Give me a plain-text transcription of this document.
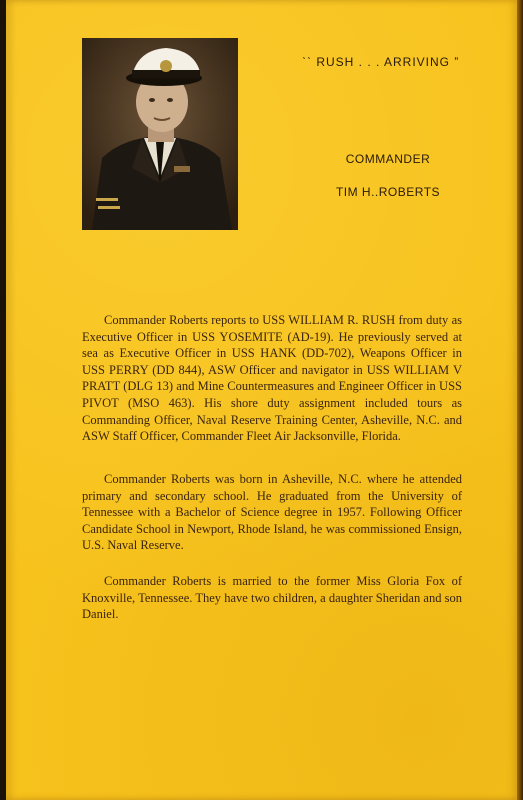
ˋˋ RUSH . . . ARRIVING ˮ
COMMANDER
TIM H..ROBERTS

Commander Roberts reports to USS WILLIAM R. RUSH from duty as Executive Officer in USS YOSEMITE (AD-19). He previously served at sea as Executive Officer in USS HANK (DD-702), Weapons Officer in USS PERRY (DD 844), ASW Officer and navigator in USS WILLIAM V PRATT (DLG 13) and Mine Countermeasures and Engineer Officer in USS PIVOT (MSO 463). His shore duty assignment included tours as Commanding Officer, Naval Reserve Training Center, Asheville, N.C. and ASW Staff Officer, Commander Fleet Air Jacksonville, Florida.

Commander Roberts was born in Asheville, N.C. where he attended primary and secondary school. He graduated from the University of Tennessee with a Bachelor of Science degree in 1957. Following Officer Candidate School in Newport, Rhode Island, he was commissioned Ensign, U.S. Naval Reserve.

Commander Roberts is married to the former Miss Gloria Fox of Knoxville, Tennessee. They have two children, a daughter Sheridan and son Daniel.
